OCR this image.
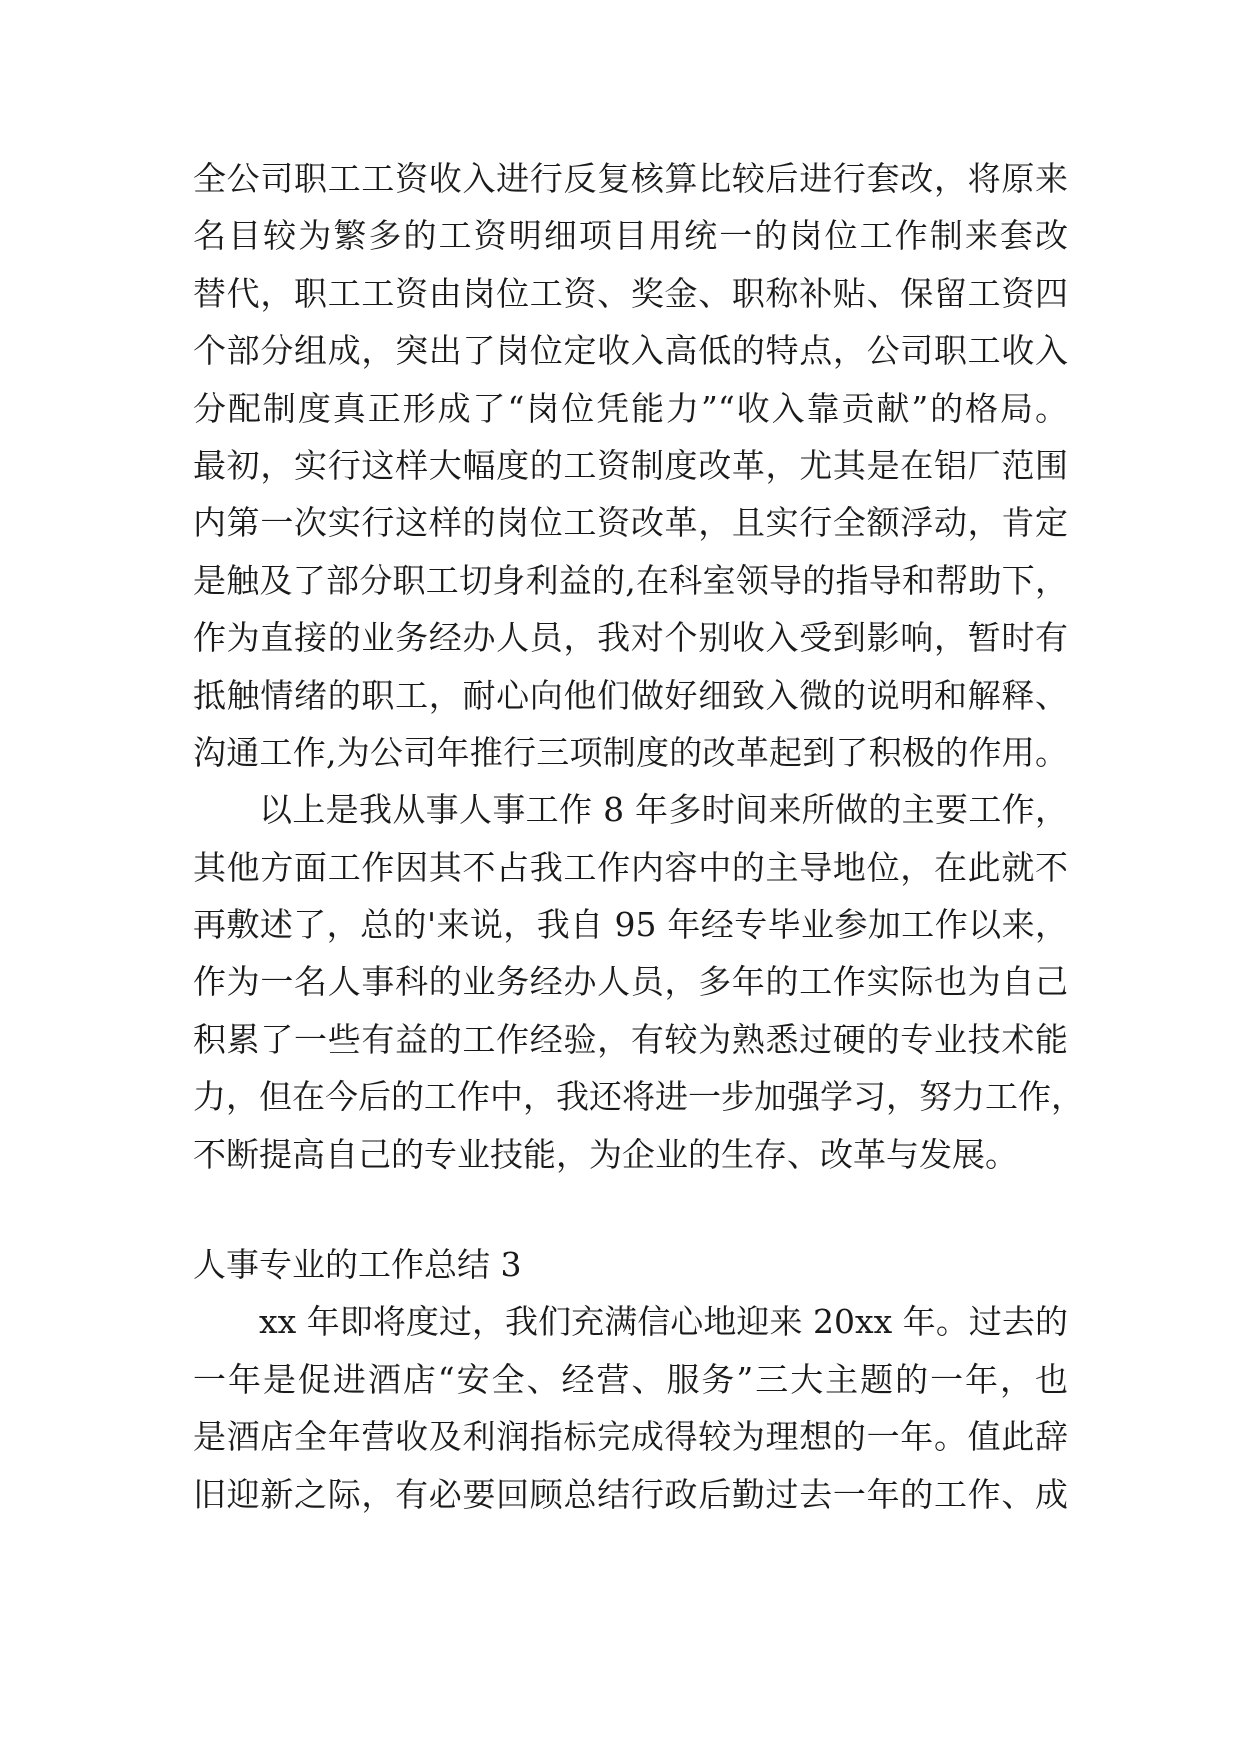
全公司职工工资收入进行反复核算比较后进行套改，将原来
名目较为繁多的工资明细项目用统一的岗位工作制来套改
替代，职工工资由岗位工资、奖金、职称补贴、保留工资四
个部分组成，突出了岗位定收入高低的特点，公司职工收入
分配制度真正形成了“岗位凭能力”“收入靠贡献”的格局。
最初，实行这样大幅度的工资制度改革，尤其是在铝厂范围
内第一次实行这样的岗位工资改革，且实行全额浮动，肯定
是触及了部分职工切身利益的,在科室领导的指导和帮助下，
作为直接的业务经办人员，我对个别收入受到影响，暂时有
抵触情绪的职工，耐心向他们做好细致入微的说明和解释、
沟通工作,为公司年推行三项制度的改革起到了积极的作用。
以上是我从事人事工作 8 年多时间来所做的主要工作，
其他方面工作因其不占我工作内容中的主导地位，在此就不
再敷述了，总的'来说，我自 95 年经专毕业参加工作以来，
作为一名人事科的业务经办人员，多年的工作实际也为自己
积累了一些有益的工作经验，有较为熟悉过硬的专业技术能
力，但在今后的工作中，我还将进一步加强学习，努力工作，
不断提高自己的专业技能，为企业的生存、改革与发展。
人事专业的工作总结 3
xx 年即将度过，我们充满信心地迎来 20xx 年。过去的
一年是促进酒店“安全、经营、服务”三大主题的一年，也
是酒店全年营收及利润指标完成得较为理想的一年。值此辞
旧迎新之际，有必要回顾总结行政后勤过去一年的工作、成
